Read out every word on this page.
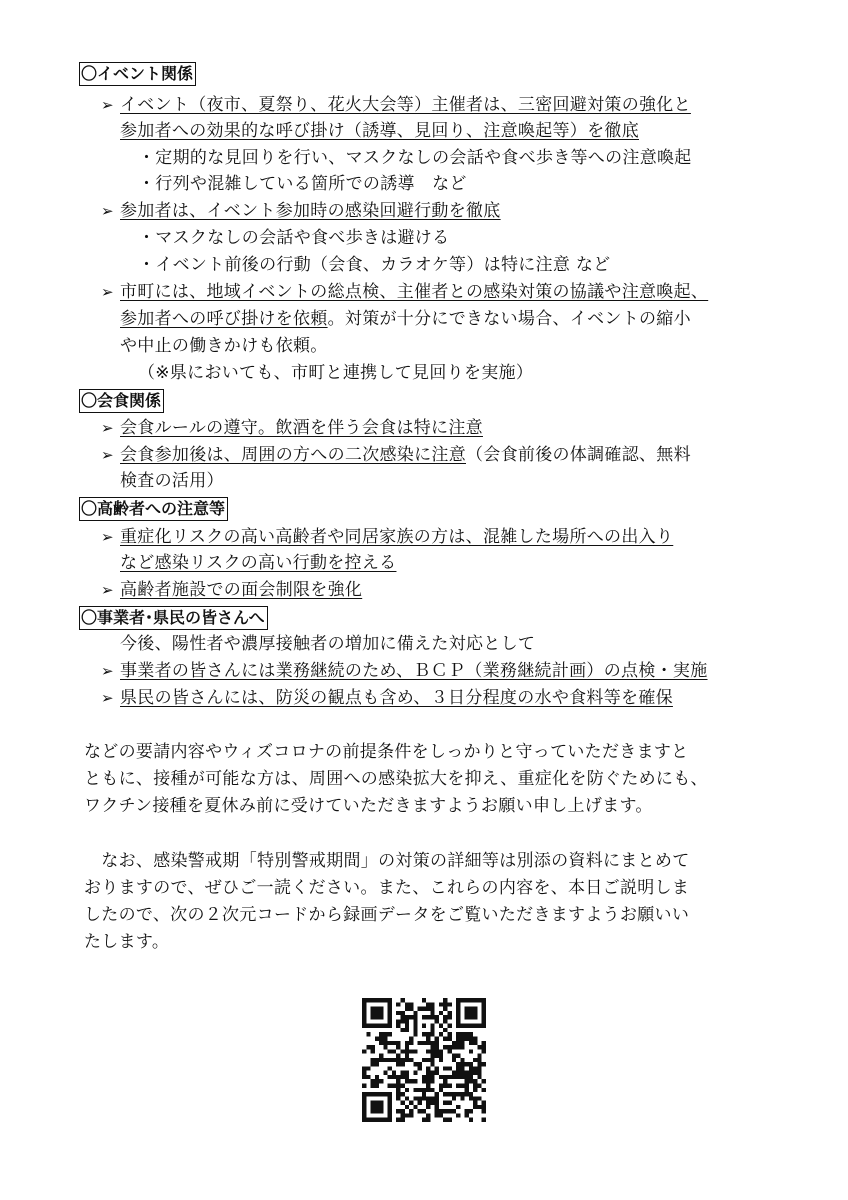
〇イベント関係
➢ イベント（夜市、夏祭り、花火大会等）主催者は、三密回避対策の強化と
参加者への効果的な呼び掛け（誘導、見回り、注意喚起等）を徹底
・定期的な見回りを行い、マスクなしの会話や食べ歩き等への注意喚起
・行列や混雑している箇所での誘導　など
➢ 参加者は、イベント参加時の感染回避行動を徹底
・マスクなしの会話や食べ歩きは避ける
・イベント前後の行動（会食、カラオケ等）は特に注意 など
➢ 市町には、地域イベントの総点検、主催者との感染対策の協議や注意喚起、
参加者への呼び掛けを依頼。対策が十分にできない場合、イベントの縮小
や中止の働きかけも依頼。
（※県においても、市町と連携して見回りを実施）
〇会食関係
➢ 会食ルールの遵守。飲酒を伴う会食は特に注意
➢ 会食参加後は、周囲の方への二次感染に注意（会食前後の体調確認、無料
検査の活用）
〇高齢者への注意等
➢ 重症化リスクの高い高齢者や同居家族の方は、混雑した場所への出入り
など感染リスクの高い行動を控える
➢ 高齢者施設での面会制限を強化
〇事業者･県民の皆さんへ
今後、陽性者や濃厚接触者の増加に備えた対応として
➢ 事業者の皆さんには業務継続のため、ＢＣＰ（業務継続計画）の点検・実施
➢ 県民の皆さんには、防災の観点も含め、３日分程度の水や食料等を確保
などの要請内容やウィズコロナの前提条件をしっかりと守っていただきますと
ともに、接種が可能な方は、周囲への感染拡大を抑え、重症化を防ぐためにも、
ワクチン接種を夏休み前に受けていただきますようお願い申し上げます。
　なお、感染警戒期「特別警戒期間」の対策の詳細等は別添の資料にまとめて
おりますので、ぜひご一読ください。また、これらの内容を、本日ご説明しま
したので、次の２次元コードから録画データをご覧いただきますようお願いい
たします。
